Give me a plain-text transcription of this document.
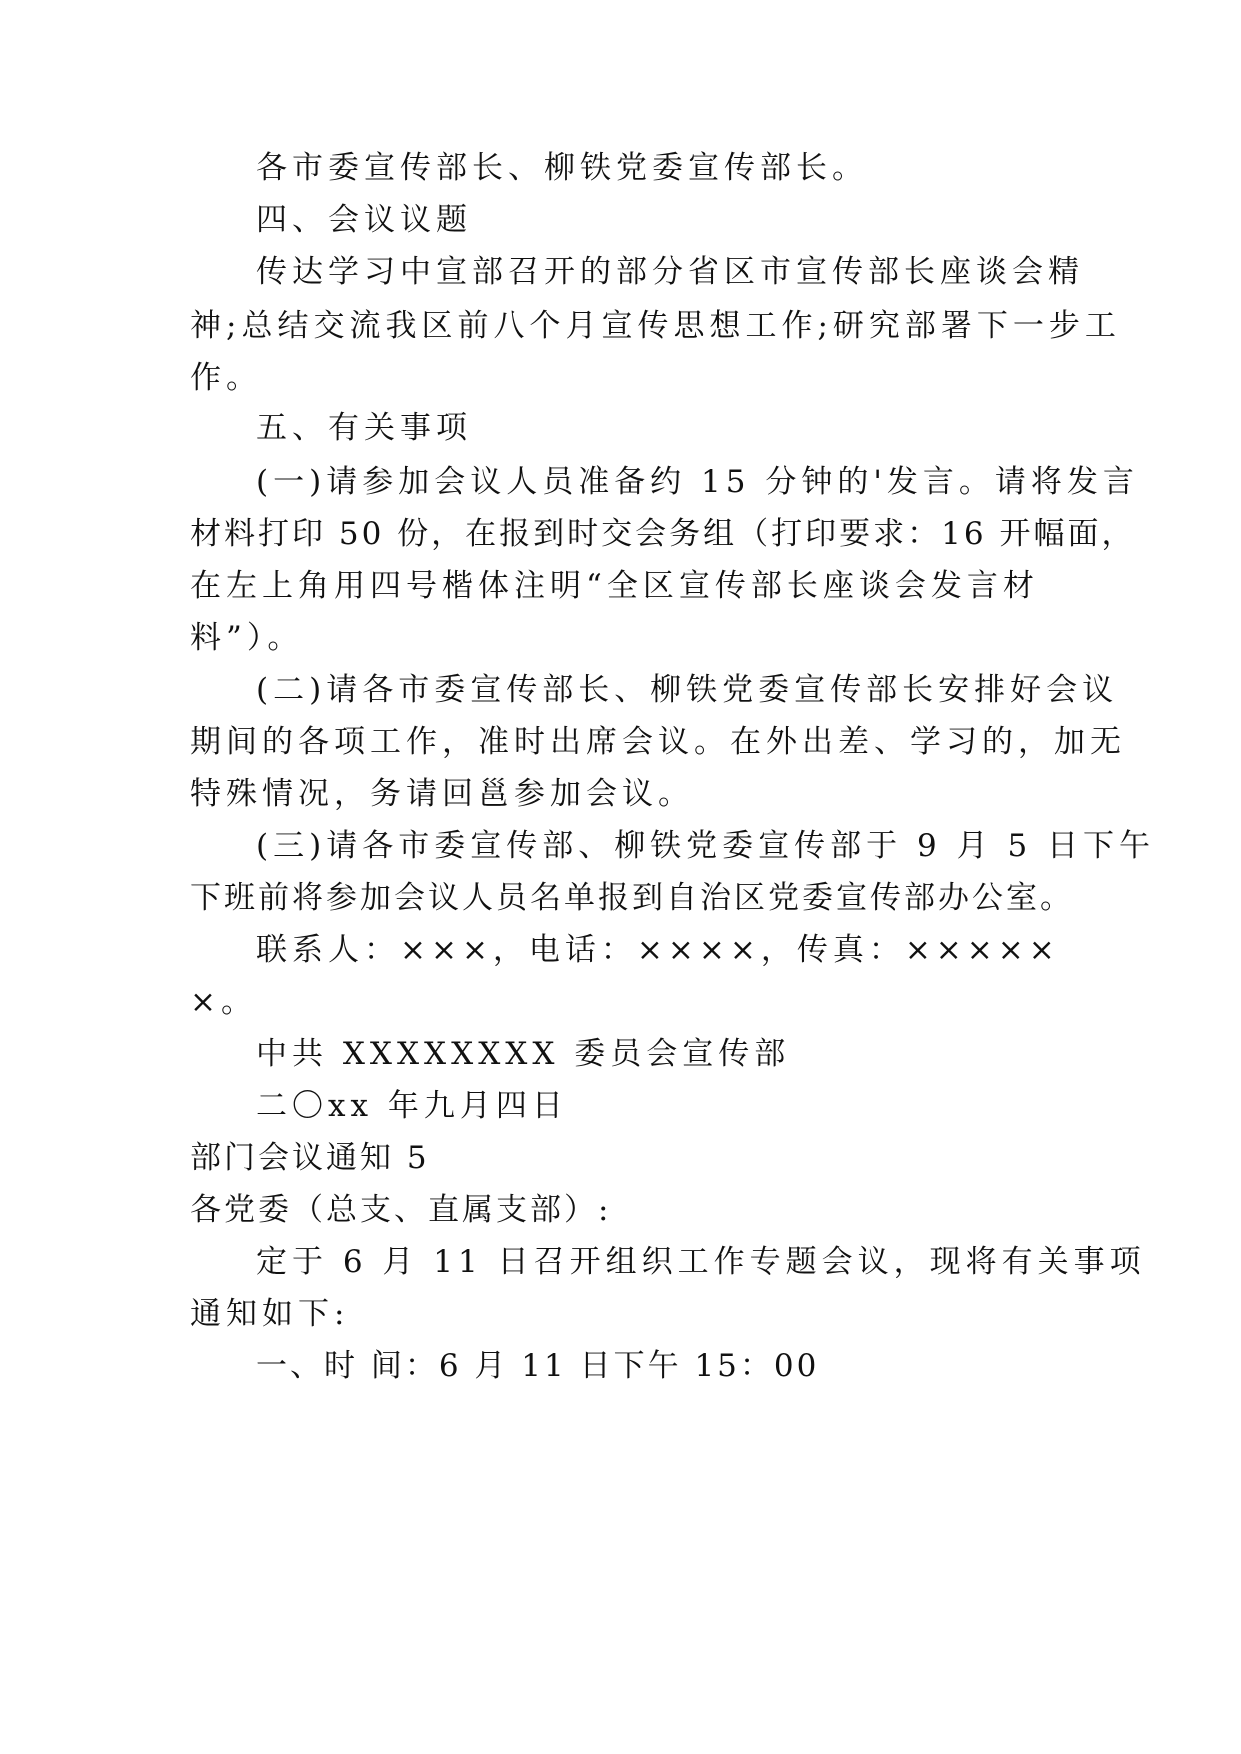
各市委宣传部长、柳铁党委宣传部长。
四、会议议题
传达学习中宣部召开的部分省区市宣传部长座谈会精
神;总结交流我区前八个月宣传思想工作;研究部署下一步工
作。
五、有关事项
(一)请参加会议人员准备约 15 分钟的'发言。请将发言
材料打印 50 份，在报到时交会务组（打印要求：16 开幅面，
在左上角用四号楷体注明“全区宣传部长座谈会发言材
料”）。
(二)请各市委宣传部长、柳铁党委宣传部长安排好会议
期间的各项工作，准时出席会议。在外出差、学习的，加无
特殊情况，务请回邕参加会议。
(三)请各市委宣传部、柳铁党委宣传部于 9 月 5 日下午
下班前将参加会议人员名单报到自治区党委宣传部办公室。
联系人：×××，电话：××××，传真：×××××
×。
中共 XXXXXXXX 委员会宣传部
二〇xx 年九月四日
部门会议通知 5
各党委（总支、直属支部）:
定于 6 月 11 日召开组织工作专题会议，现将有关事项
通知如下:
一、时 间：6 月 11 日下午 15：00
